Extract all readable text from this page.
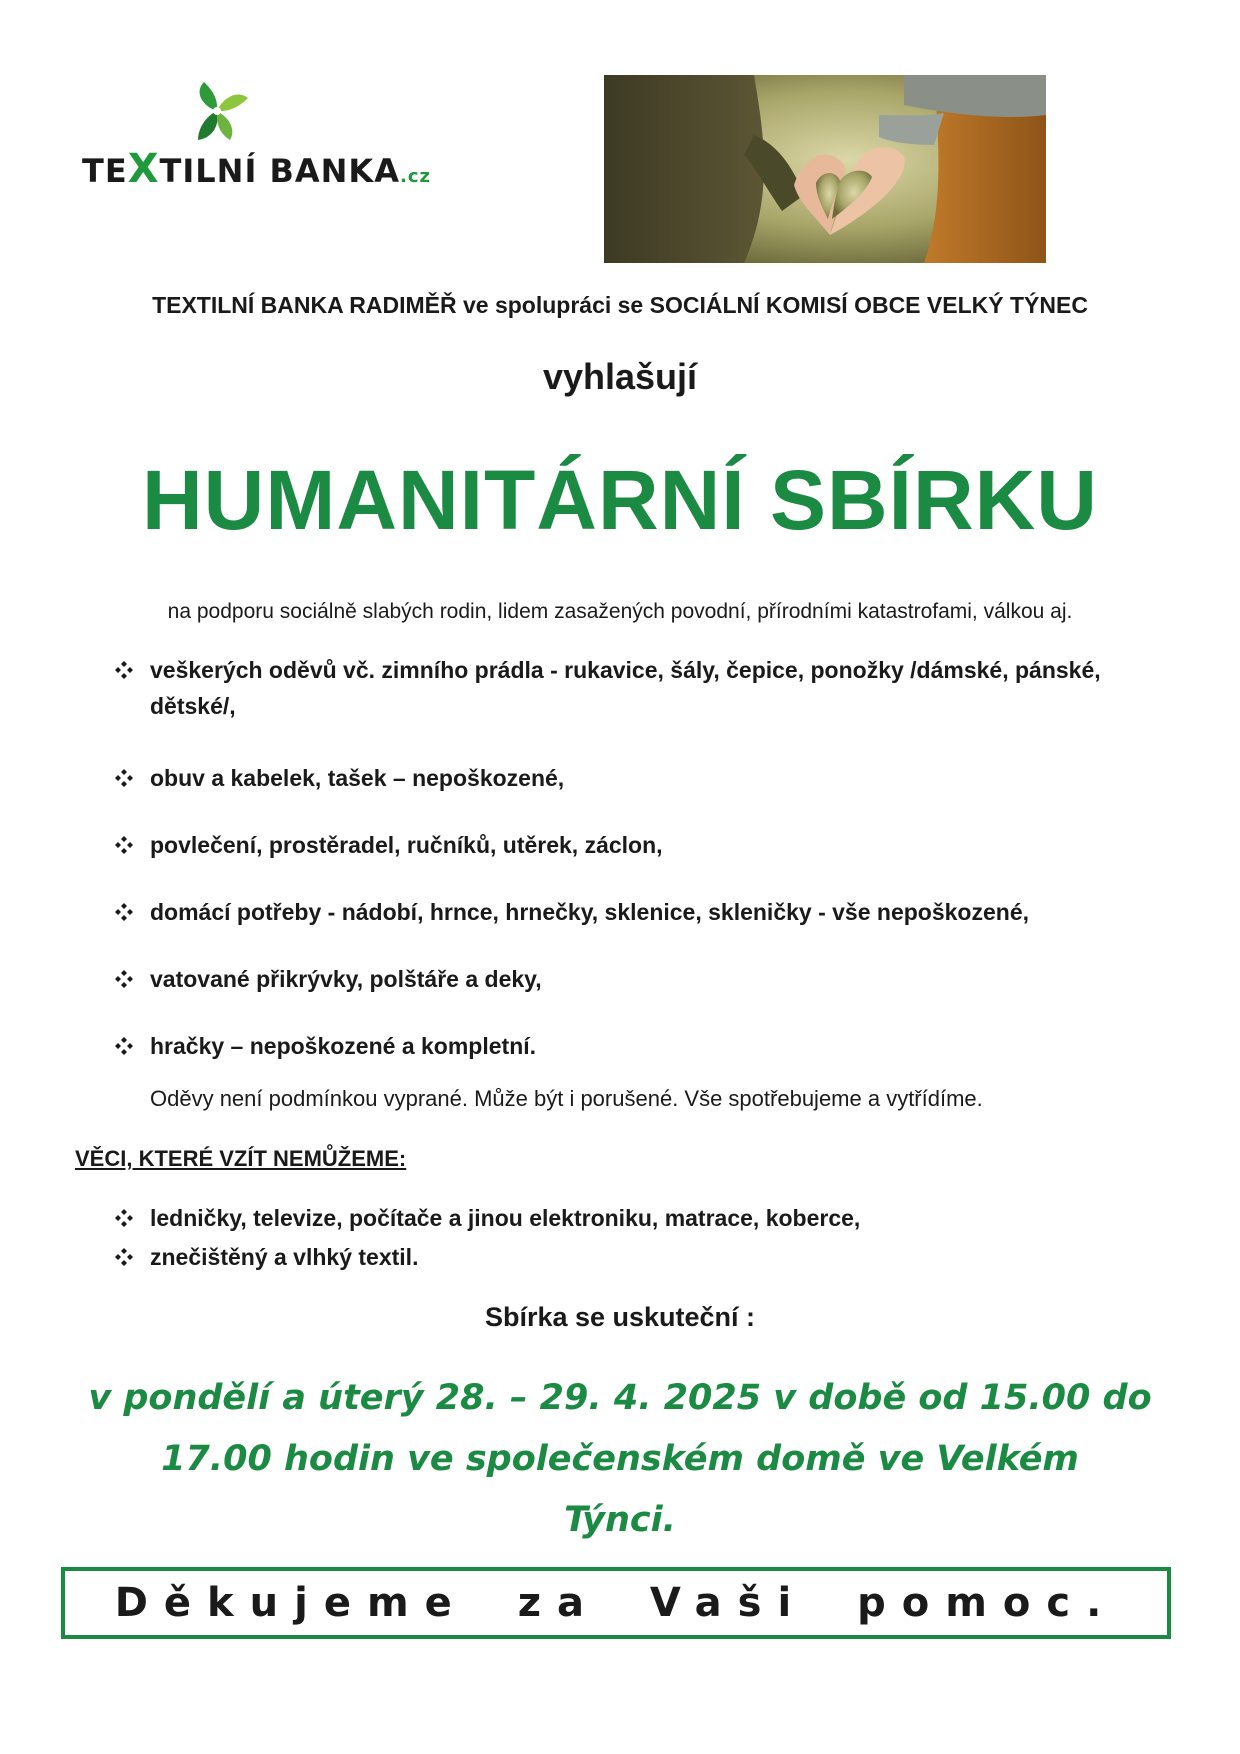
TEXTILNÍ BANKA.cz
TEXTILNÍ BANKA RADIMĚŘ ve spolupráci se SOCIÁLNÍ KOMISÍ OBCE VELKÝ TÝNEC
vyhlašují
HUMANITÁRNÍ SBÍRKU
na podporu sociálně slabých rodin, lidem zasažených povodní, přírodními katastrofami, válkou aj.
veškerých oděvů vč. zimního prádla - rukavice, šály, čepice, ponožky /dámské, pánské, dětské/,
obuv a kabelek, tašek – nepoškozené,
povlečení, prostěradel, ručníků, utěrek, záclon,
domácí potřeby - nádobí, hrnce, hrnečky, sklenice, skleničky - vše nepoškozené,
vatované přikrývky, polštáře a deky,
hračky – nepoškozené a kompletní.
Oděvy není podmínkou vyprané. Může být i porušené. Vše spotřebujeme a vytřídíme.
VĚCI, KTERÉ VZÍT NEMŮŽEME:
ledničky, televize, počítače a jinou elektroniku, matrace, koberce,
znečištěný a vlhký textil.
Sbírka se uskuteční :
v pondělí a úterý 28. – 29. 4. 2025 v době od 15.00 do
17.00 hodin ve společenském domě ve Velkém
Týnci.
Děkujeme za Vaši pomoc.
